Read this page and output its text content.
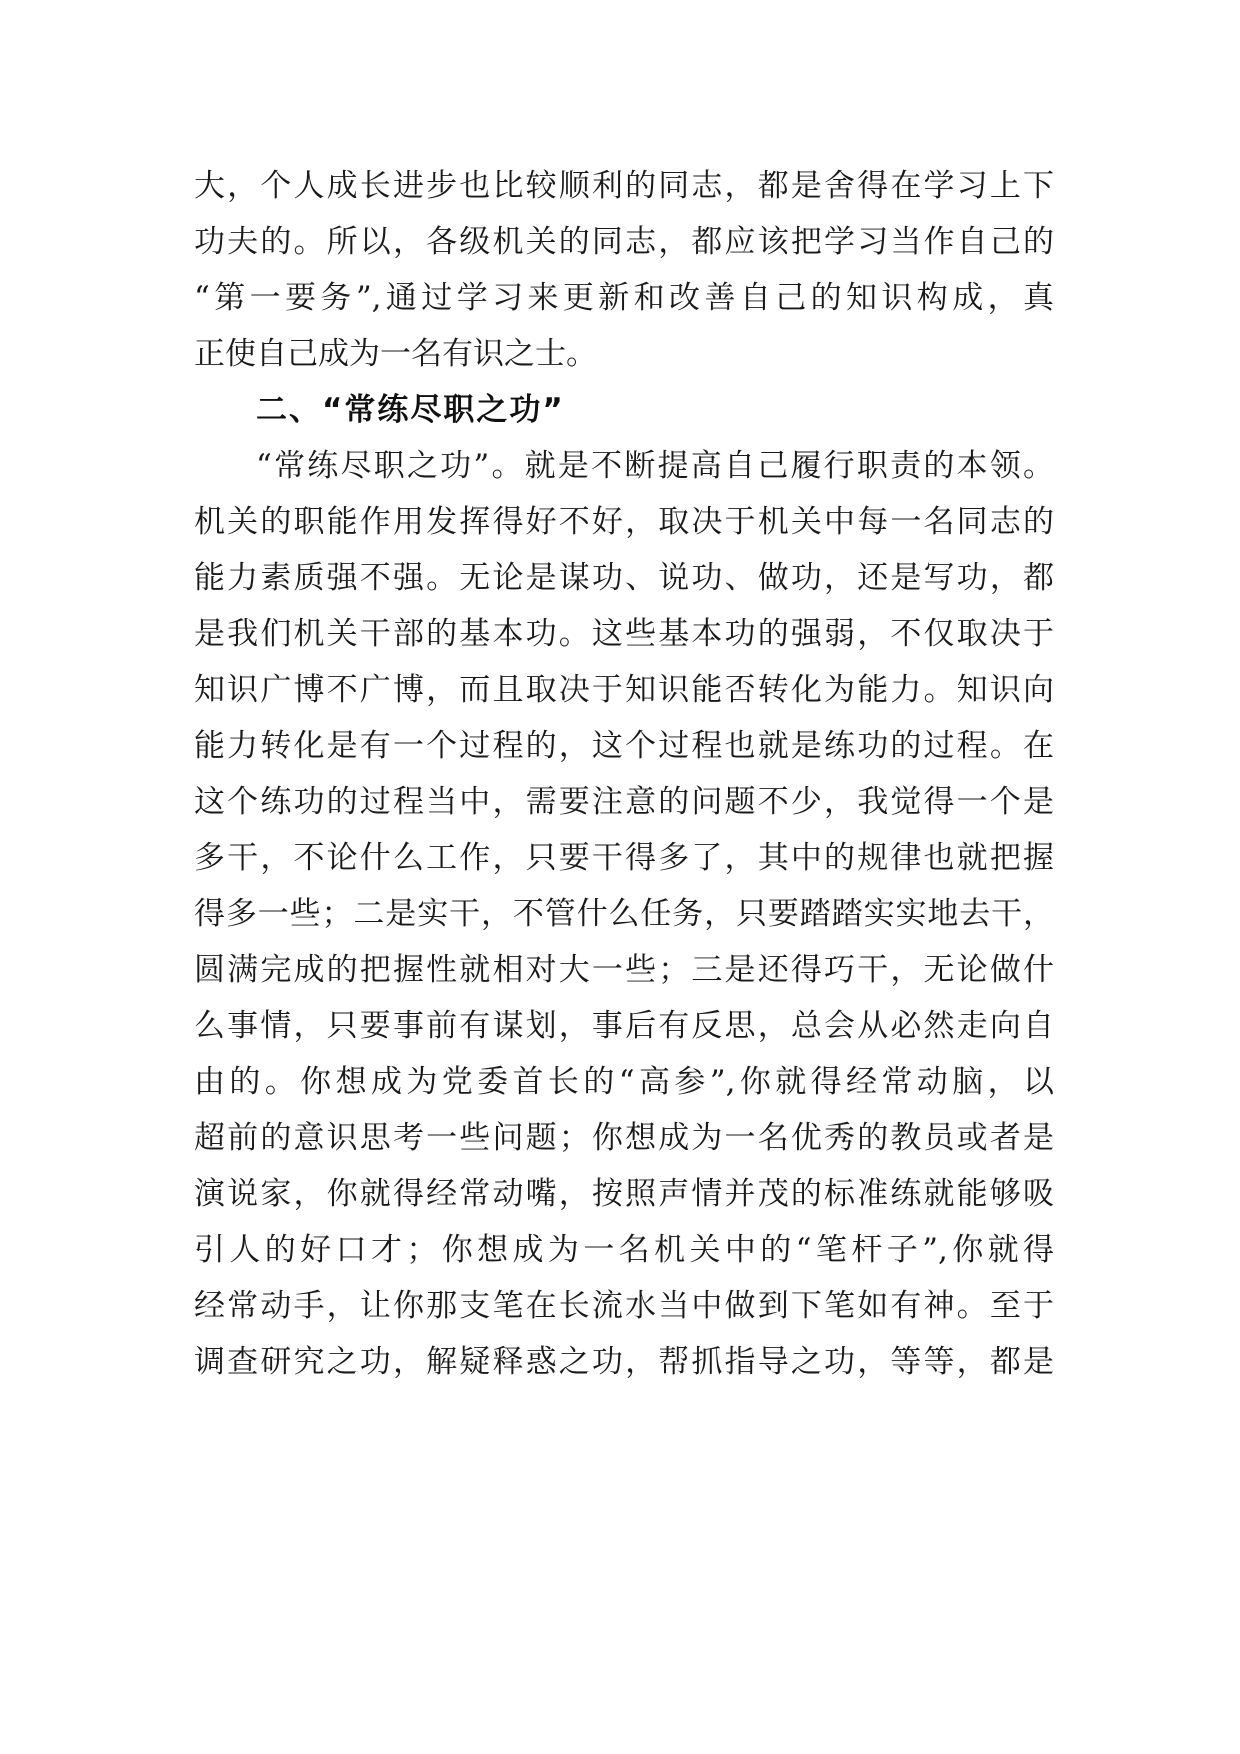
大，个人成长进步也比较顺利的同志，都是舍得在学习上下
功夫的。所以，各级机关的同志，都应该把学习当作自己的
“第一要务”,通过学习来更新和改善自己的知识构成，真
正使自己成为一名有识之士。
二、“常练尽职之功”
“常练尽职之功”。就是不断提高自己履行职责的本领。
机关的职能作用发挥得好不好，取决于机关中每一名同志的
能力素质强不强。无论是谋功、说功、做功，还是写功，都
是我们机关干部的基本功。这些基本功的强弱，不仅取决于
知识广博不广博，而且取决于知识能否转化为能力。知识向
能力转化是有一个过程的，这个过程也就是练功的过程。在
这个练功的过程当中，需要注意的问题不少，我觉得一个是
多干，不论什么工作，只要干得多了，其中的规律也就把握
得多一些；二是实干，不管什么任务，只要踏踏实实地去干，
圆满完成的把握性就相对大一些；三是还得巧干，无论做什
么事情，只要事前有谋划，事后有反思，总会从必然走向自
由的。你想成为党委首长的“高参”,你就得经常动脑，以
超前的意识思考一些问题；你想成为一名优秀的教员或者是
演说家，你就得经常动嘴，按照声情并茂的标准练就能够吸
引人的好口才；你想成为一名机关中的“笔杆子”,你就得
经常动手，让你那支笔在长流水当中做到下笔如有神。至于
调查研究之功，解疑释惑之功，帮抓指导之功，等等，都是
